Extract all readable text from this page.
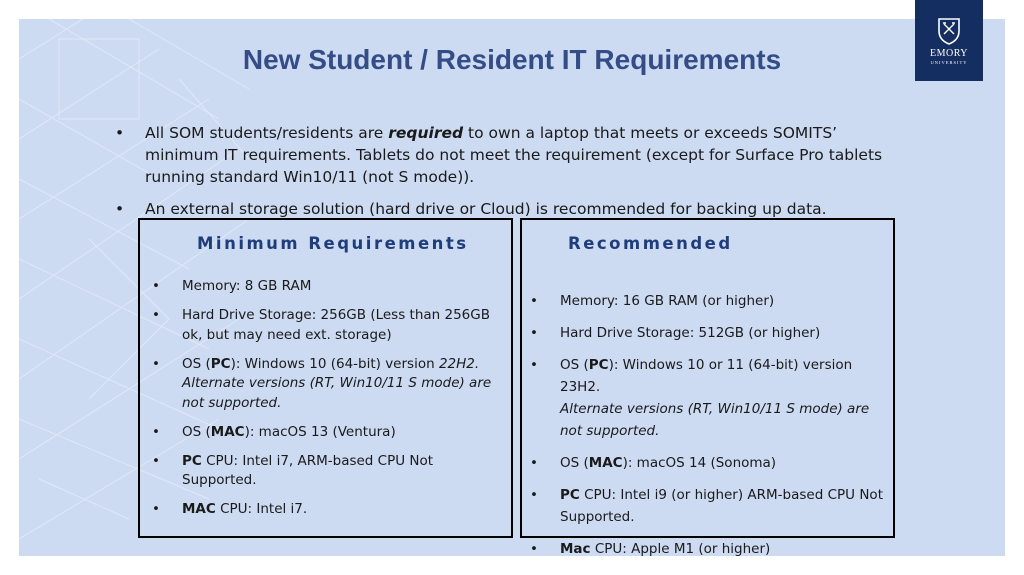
New Student / Resident IT Requirements
• All SOM students/residents are required to own a laptop that meets or exceeds SOMITS’ minimum IT requirements. Tablets do not meet the requirement (except for Surface Pro tablets running standard Win10/11 (not S mode)).
• An external storage solution (hard drive or Cloud) is recommended for backing up data.
EMORY
UNIVERSITY
Minimum Requirements
• Memory: 8 GB RAM
• Hard Drive Storage: 256GB (Less than 256GB ok, but may need ext. storage)
• OS (PC): Windows 10 (64-bit) version 22H2.
Alternate versions (RT, Win10/11 S mode) are not supported.
• OS (MAC): macOS 13 (Ventura)
• PC CPU: Intel i7, ARM-based CPU Not Supported.
• MAC CPU: Intel i7.
Recommended
• Memory: 16 GB RAM (or higher)
• Hard Drive Storage: 512GB (or higher)
• OS (PC): Windows 10 or 11 (64-bit) version 23H2.
Alternate versions (RT, Win10/11 S mode) are not supported.
• OS (MAC): macOS 14 (Sonoma)
• PC CPU: Intel i9 (or higher) ARM-based CPU Not Supported.
• Mac CPU: Apple M1 (or higher)
